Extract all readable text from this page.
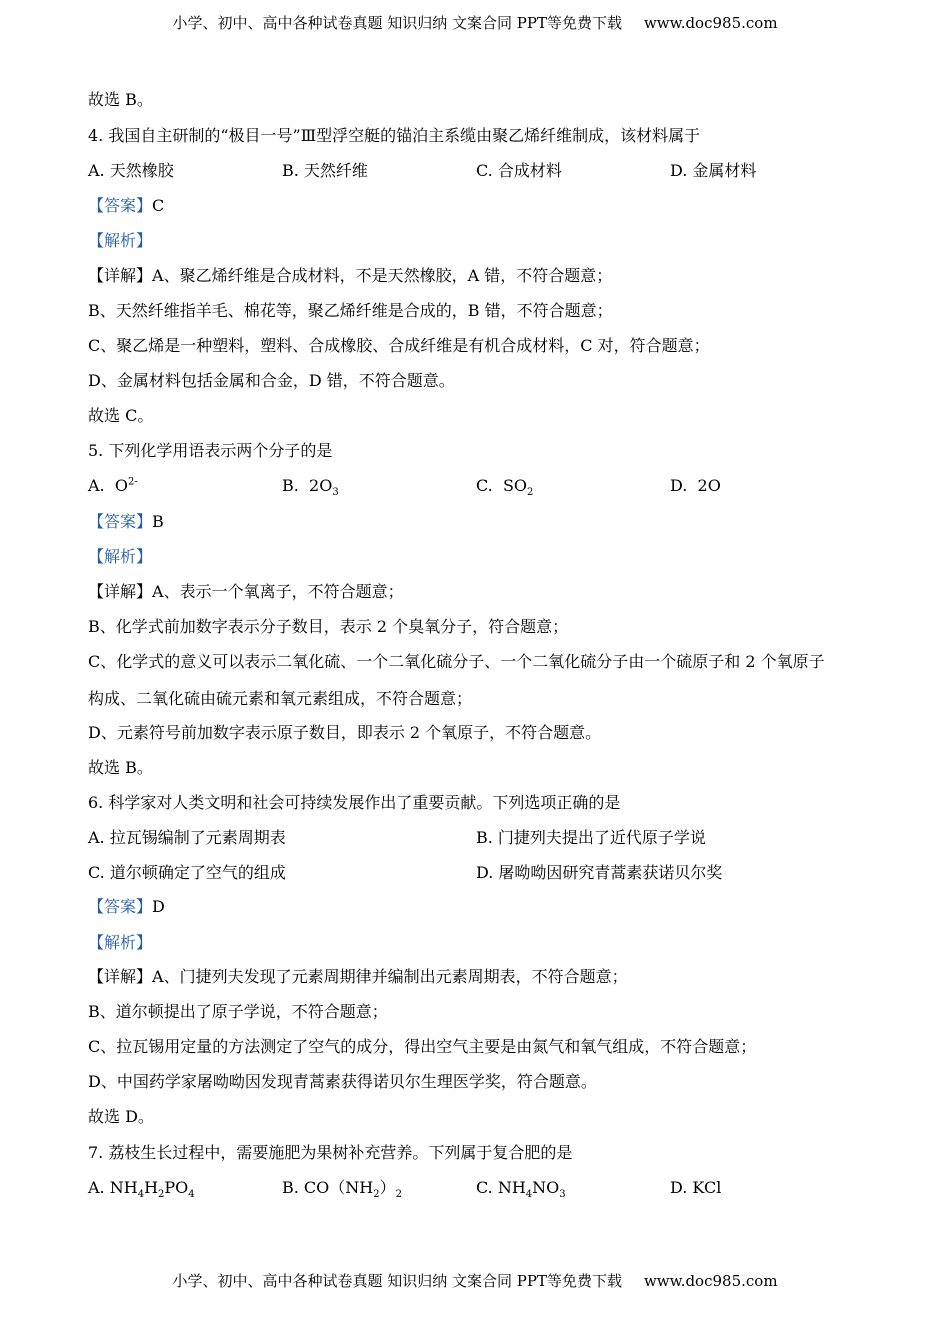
小学、初中、高中各种试卷真题 知识归纳 文案合同 PPT等免费下载 www.doc985.com
故选 B。
4. 我国自主研制的“极目一号”Ⅲ型浮空艇的锚泊主系缆由聚乙烯纤维制成，该材料属于
A. 天然橡胶	B. 天然纤维	C. 合成材料	D. 金属材料
【答案】C
【解析】
【详解】A、聚乙烯纤维是合成材料，不是天然橡胶，A 错，不符合题意；
B、天然纤维指羊毛、棉花等，聚乙烯纤维是合成的，B 错，不符合题意；
C、聚乙烯是一种塑料，塑料、合成橡胶、合成纤维是有机合成材料，C 对，符合题意；
D、金属材料包括金属和合金，D 错，不符合题意。
故选 C。
5. 下列化学用语表示两个分子的是
A. $O^{2-}$	B. $2O_3$	C. $SO_2$	D. 2O
【答案】B
【解析】
【详解】A、表示一个氧离子，不符合题意；
B、化学式前加数字表示分子数目，表示 2 个臭氧分子，符合题意；
C、化学式的意义可以表示二氧化硫、一个二氧化硫分子、一个二氧化硫分子由一个硫原子和 2 个氧原子
构成、二氧化硫由硫元素和氧元素组成，不符合题意；
D、元素符号前加数字表示原子数目，即表示 2 个氧原子，不符合题意。
故选 B。
6. 科学家对人类文明和社会可持续发展作出了重要贡献。下列选项正确的是
A. 拉瓦锡编制了元素周期表	B. 门捷列夫提出了近代原子学说
C. 道尔顿确定了空气的组成	D. 屠呦呦因研究青蒿素获诺贝尔奖
【答案】D
【解析】
【详解】A、门捷列夫发现了元素周期律并编制出元素周期表，不符合题意；
B、道尔顿提出了原子学说，不符合题意；
C、拉瓦锡用定量的方法测定了空气的成分，得出空气主要是由氮气和氧气组成，不符合题意；
D、中国药学家屠呦呦因发现青蒿素获得诺贝尔生理医学奖，符合题意。
故选 D。
7. 荔枝生长过程中，需要施肥为果树补充营养。下列属于复合肥的是
A. $NH_4H_2PO_4$	B. $CO(NH_2)_2$	C. $NH_4NO_3$	D. KCl
小学、初中、高中各种试卷真题 知识归纳 文案合同 PPT等免费下载 www.doc985.com
